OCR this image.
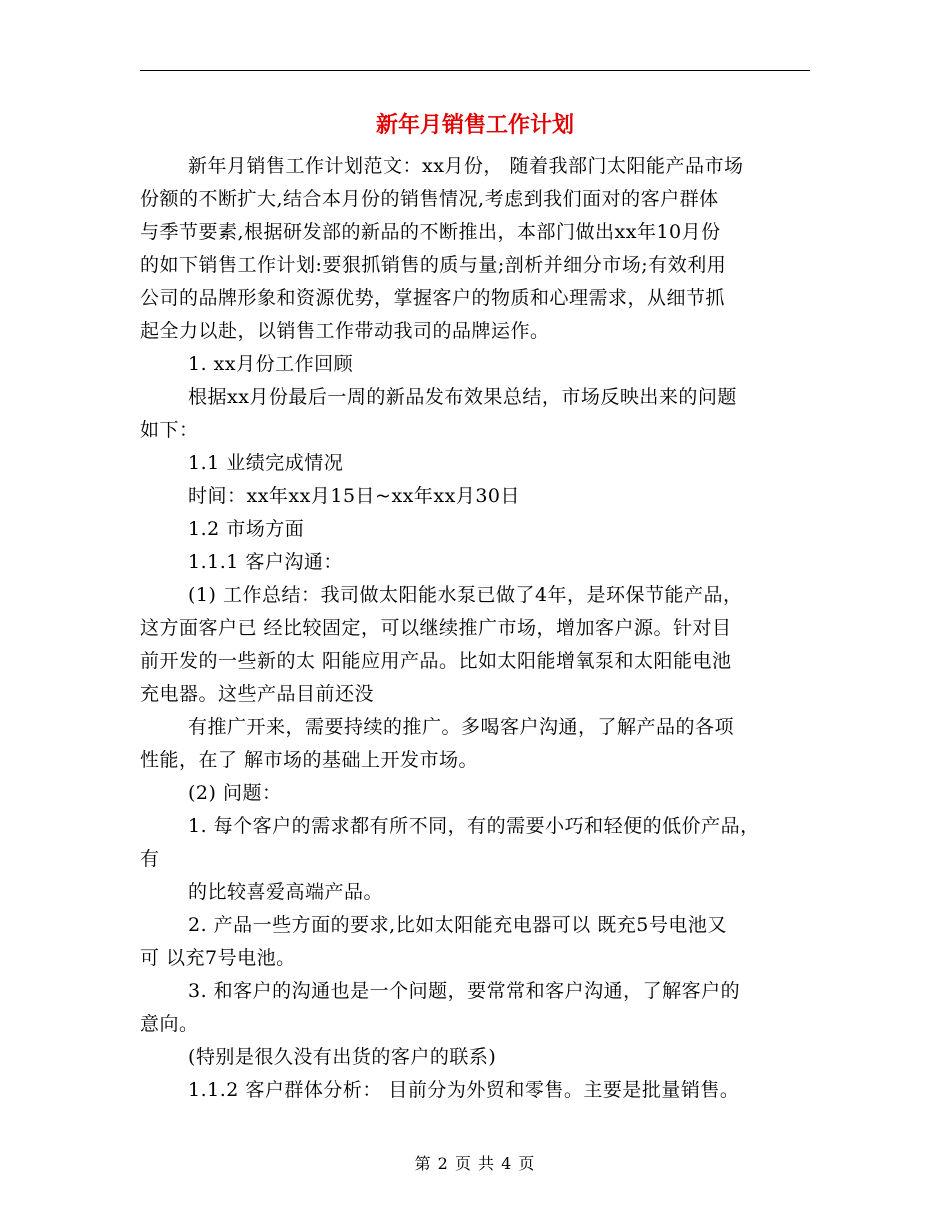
新年月销售工作计划
新年月销售工作计划范文：xx月份， 随着我部门太阳能产品市场
份额的不断扩大,结合本月份的销售情况,考虑到我们面对的客户群体
与季节要素,根据研发部的新品的不断推出，本部门做出xx年10月份
的如下销售工作计划:要狠抓销售的质与量;剖析并细分市场;有效利用
公司的品牌形象和资源优势，掌握客户的物质和心理需求，从细节抓
起全力以赴，以销售工作带动我司的品牌运作。
1. xx月份工作回顾
根据xx月份最后一周的新品发布效果总结，市场反映出来的问题
如下：
1.1 业绩完成情况
时间：xx年xx月15日~xx年xx月30日
1.2 市场方面
1.1.1 客户沟通：
(1) 工作总结：我司做太阳能水泵已做了4年，是环保节能产品，
这方面客户已 经比较固定，可以继续推广市场，增加客户源。针对目
前开发的一些新的太 阳能应用产品。比如太阳能增氧泵和太阳能电池
充电器。这些产品目前还没
有推广开来，需要持续的推广。多喝客户沟通，了解产品的各项
性能，在了 解市场的基础上开发市场。
(2) 问题：
1. 每个客户的需求都有所不同，有的需要小巧和轻便的低价产品，
有
的比较喜爱高端产品。
2. 产品一些方面的要求,比如太阳能充电器可以 既充5号电池又
可 以充7号电池。
3. 和客户的沟通也是一个问题，要常常和客户沟通，了解客户的
意向。
(特别是很久没有出货的客户的联系)
1.1.2 客户群体分析： 目前分为外贸和零售。主要是批量销售。
第 2 页 共 4 页
